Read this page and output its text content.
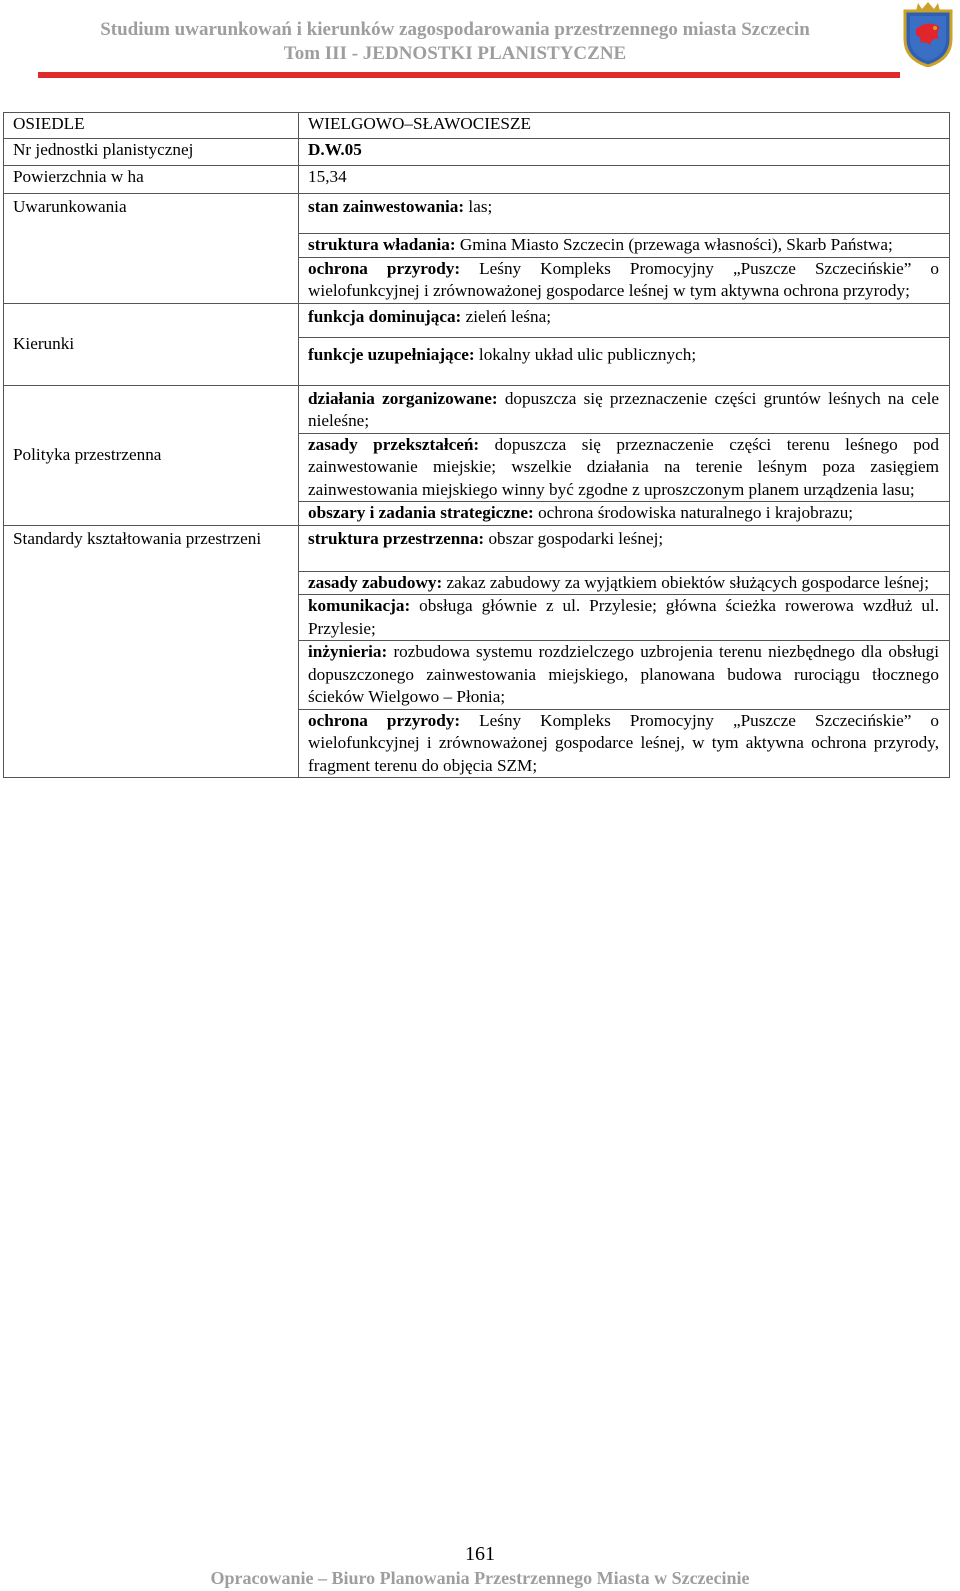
Studium uwarunkowań i kierunków zagospodarowania przestrzennego miasta Szczecin
Tom III - JEDNOSTKI PLANISTYCZNE
OSIEDLE	WIELGOWO–SŁAWOCIESZE
Nr jednostki planistycznej	D.W.05
Powierzchnia w ha	15,34
Uwarunkowania	stan zainwestowania: las;
	struktura władania: Gmina Miasto Szczecin (przewaga własności), Skarb Państwa;
	ochrona przyrody: Leśny Kompleks Promocyjny „Puszcze Szczecińskie” o wielofunkcyjnej i zrównoważonej gospodarce leśnej w tym aktywna ochrona przyrody;
Kierunki	funkcja dominująca: zieleń leśna;
	funkcje uzupełniające: lokalny układ ulic publicznych;
Polityka przestrzenna	działania zorganizowane: dopuszcza się przeznaczenie części gruntów leśnych na cele nieleśne;
	zasady przekształceń: dopuszcza się przeznaczenie części terenu leśnego pod zainwestowanie miejskie; wszelkie działania na terenie leśnym poza zasięgiem zainwestowania miejskiego winny być zgodne z uproszczonym planem urządzenia lasu;
	obszary i zadania strategiczne: ochrona środowiska naturalnego i krajobrazu;
Standardy kształtowania przestrzeni	struktura przestrzenna: obszar gospodarki leśnej;
	zasady zabudowy: zakaz zabudowy za wyjątkiem obiektów służących gospodarce leśnej;
	komunikacja: obsługa głównie z ul. Przylesie; główna ścieżka rowerowa wzdłuż ul. Przylesie;
	inżynieria: rozbudowa systemu rozdzielczego uzbrojenia terenu niezbędnego dla obsługi dopuszczonego zainwestowania miejskiego, planowana budowa rurociągu tłocznego ścieków Wielgowo – Płonia;
	ochrona przyrody: Leśny Kompleks Promocyjny „Puszcze Szczecińskie” o wielofunkcyjnej i zrównoważonej gospodarce leśnej, w tym aktywna ochrona przyrody, fragment terenu do objęcia SZM;
161
Opracowanie – Biuro Planowania Przestrzennego Miasta w Szczecinie
